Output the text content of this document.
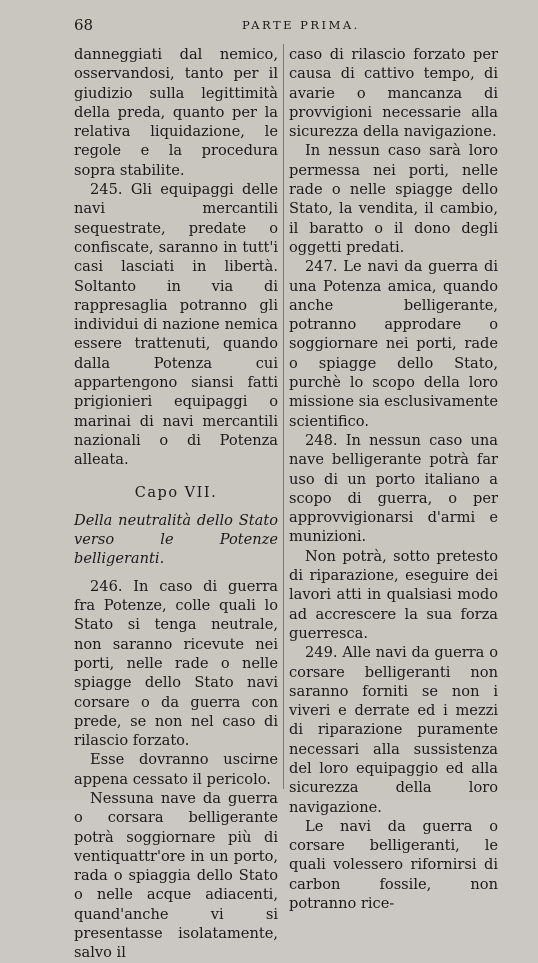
68	PARTE PRIMA.

danneggiati dal nemico, osservandosi, tanto per il giudizio sulla legittimità della preda, quanto per la relativa liquidazione, le regole e la procedura sopra stabilite.

245. Gli equipaggi delle navi mercantili sequestrate, predate o confiscate, saranno in tutt'i casi lasciati in libertà. Soltanto in via di rappresaglia potranno gli individui di nazione nemica essere trattenuti, quando dalla Potenza cui appartengono siansi fatti prigionieri equipaggi o marinai di navi mercantili nazionali o di Potenza alleata.

Capo VII.

Della neutralità dello Stato verso le Potenze belligeranti.

246. In caso di guerra fra Potenze, colle quali lo Stato si tenga neutrale, non saranno ricevute nei porti, nelle rade o nelle spiagge dello Stato navi corsare o da guerra con prede, se non nel caso di rilascio forzato.

Esse dovranno uscirne appena cessato il pericolo.

Nessuna nave da guerra o corsara belligerante potrà soggiornare più di ventiquattr'ore in un porto, rada o spiaggia dello Stato o nelle acque adiacenti, quand'anche vi si presentasse isolatamente, salvo il

caso di rilascio forzato per causa di cattivo tempo, di avarie o mancanza di provvigioni necessarie alla sicurezza della navigazione.

In nessun caso sarà loro permessa nei porti, nelle rade o nelle spiagge dello Stato, la vendita, il cambio, il baratto o il dono degli oggetti predati.

247. Le navi da guerra di una Potenza amica, quando anche belligerante, potranno approdare o soggiornare nei porti, rade o spiagge dello Stato, purchè lo scopo della loro missione sia esclusivamente scientifico.

248. In nessun caso una nave belligerante potrà far uso di un porto italiano a scopo di guerra, o per approvvigionarsi d'armi e munizioni.

Non potrà, sotto pretesto di riparazione, eseguire dei lavori atti in qualsiasi modo ad accrescere la sua forza guerresca.

249. Alle navi da guerra o corsare belligeranti non saranno forniti se non i viveri e derrate ed i mezzi di riparazione puramente necessari alla sussistenza del loro equipaggio ed alla sicurezza della loro navigazione.

Le navi da guerra o corsare belligeranti, le quali volessero rifornirsi di carbon fossile, non potranno rice-
